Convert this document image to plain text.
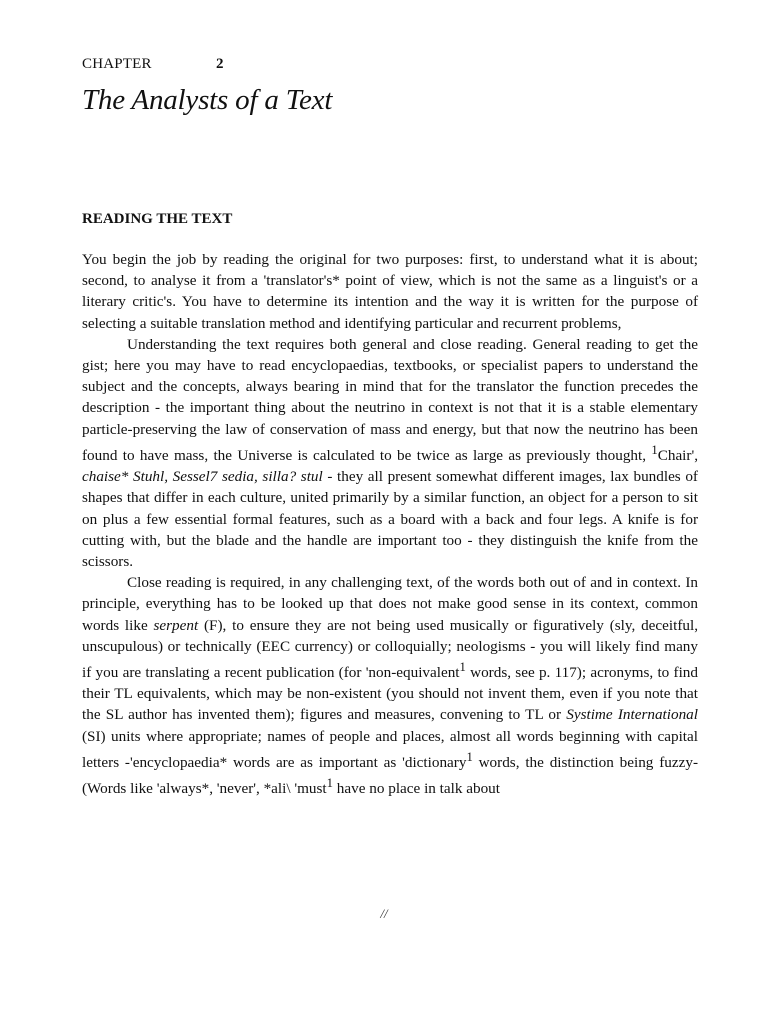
CHAPTER	2
The Analysts of a Text
READING THE TEXT

You begin the job by reading the original for two purposes: first, to understand what it is about; second, to analyse it from a 'translator's* point of view, which is not the same as a linguist's or a literary critic's. You have to determine its intention and the way it is written for the purpose of selecting a suitable translation method and identifying particular and recurrent problems,

Understanding the text requires both general and close reading. General reading to get the gist; here you may have to read encyclopaedias, textbooks, or specialist papers to understand the subject and the concepts, always bearing in mind that for the translator the function precedes the description - the important thing about the neutrino in context is not that it is a stable elementary particle-preserving the law of conservation of mass and energy, but that now the neutrino has been found to have mass, the Universe is calculated to be twice as large as previously thought, $^1$Chair', chaise* Stuhl, Sessel7 sedia, silla? stul - they all present somewhat different images, lax bundles of shapes that differ in each culture, united primarily by a similar function, an object for a person to sit on plus a few essential formal features, such as a board with a back and four legs. A knife is for cutting with, but the blade and the handle are important too - they distinguish the knife from the scissors.

Close reading is required, in any challenging text, of the words both out of and in context. In principle, everything has to be looked up that does not make good sense in its context, common words like serpent (F), to ensure they are not being used musically or figuratively (sly, deceitful, unscupulous) or technically (EEC currency) or colloquially; neologisms - you will likely find many if you are translating a recent publication (for 'non-equivalent$^1$ words, see p. 117); acronyms, to find their TL equivalents, which may be non-existent (you should not invent them, even if you note that the SL author has invented them); figures and measures, convening to TL or Systime International (SI) units where appropriate; names of people and places, almost all words beginning with capital letters -'encyclopaedia* words are as important as 'dictionary$^1$ words, the distinction being fuzzy- (Words like 'always*, 'never', *ali\ 'must$^1$ have no place in talk about

//
